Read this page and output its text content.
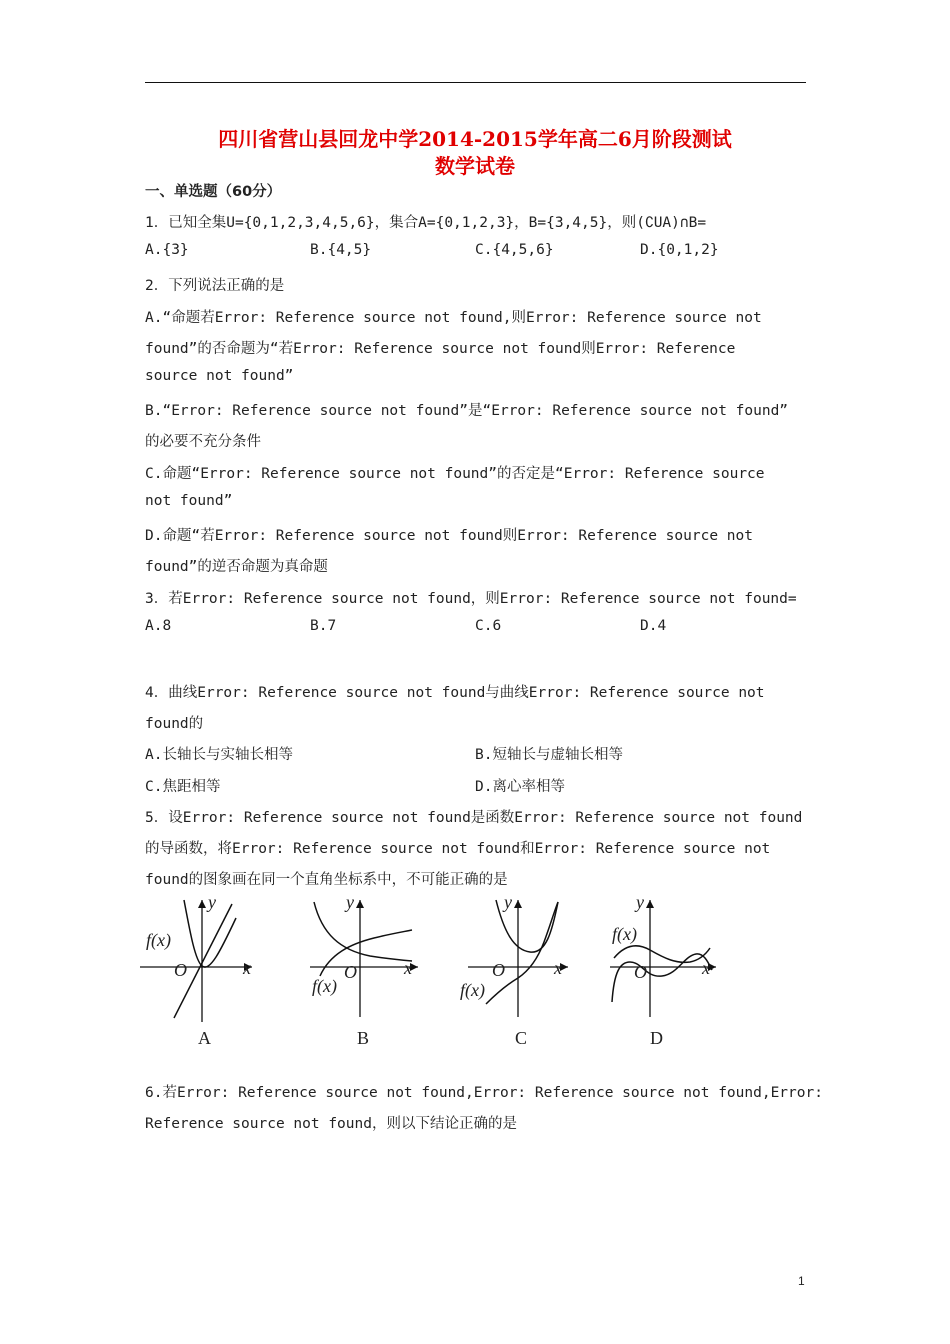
四川省营山县回龙中学2014-2015学年高二6月阶段测试
数学试卷
一、单选题（60分）
1．已知全集U={0,1,2,3,4,5,6}，集合A={0,1,2,3}，B={3,4,5}，则(∁UA)∩B=
A.{3}	B.{4,5}	C.{4,5,6}	D.{0,1,2}
2．下列说法正确的是
A.“命题若Error: Reference source not found,则Error: Reference source not
found”的否命题为“若Error: Reference source not found则Error: Reference
source not found”
B.“Error: Reference source not found”是“Error: Reference source not found”
的必要不充分条件
C.命题“Error: Reference source not found”的否定是“Error: Reference source
not found”
D.命题“若Error: Reference source not found则Error: Reference source not
found”的逆否命题为真命题
3．若Error: Reference source not found，则Error: Reference source not found=
A.8	B.7	C.6	D.4
4．曲线Error: Reference source not found与曲线Error: Reference source not
found的
A.长轴长与实轴长相等	B.短轴长与虚轴长相等
C.焦距相等	D.离心率相等
5．设Error: Reference source not found是函数Error: Reference source not found
的导函数，将Error: Reference source not found和Error: Reference source not
found的图象画在同一个直角坐标系中，不可能正确的是
y
x
O
f(x)
A
y
x
O
f(x)
B
y
x
O
f(x)
C
y
x
O
f(x)
D
6.若Error: Reference source not found,Error: Reference source not found,Error:
Reference source not found，则以下结论正确的是
1
